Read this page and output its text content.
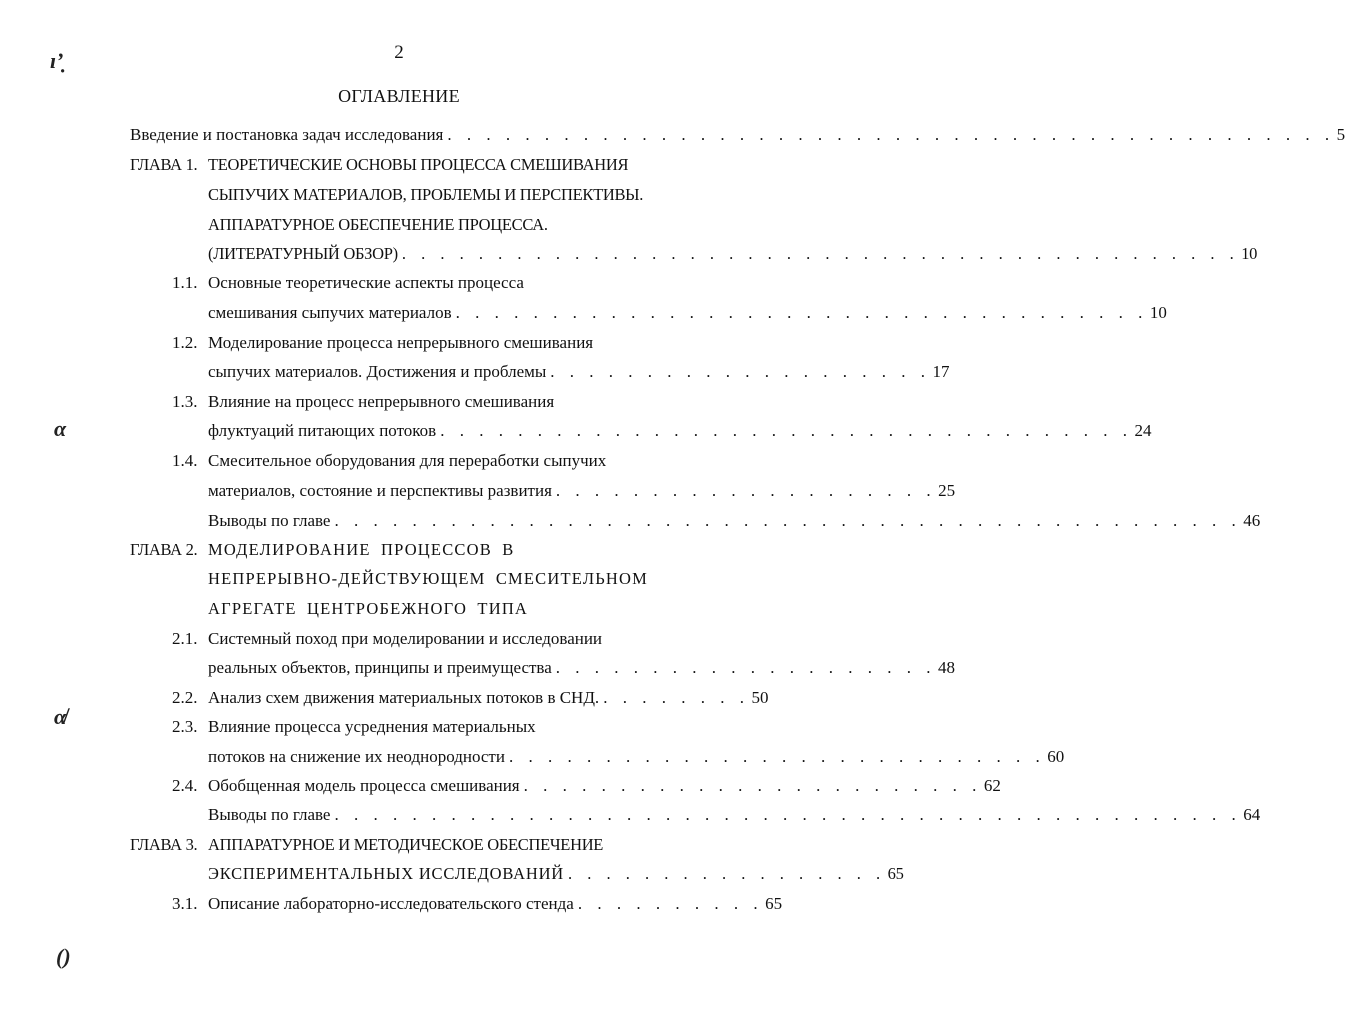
2
ОГЛАВЛЕНИЕ
ı’̣
α
α̸
()
Введение и постановка задач исследования . . . . . . . . . . . . . . . . . . . . . . . . . . . . . . . . . . . . . . . . . . . . . . 5
ГЛАВА 1. ТЕОРЕТИЧЕСКИЕ ОСНОВЫ ПРОЦЕССА СМЕШИВАНИЯ
СЫПУЧИХ МАТЕРИАЛОВ, ПРОБЛЕМЫ И ПЕРСПЕКТИВЫ.
АППАРАТУРНОЕ ОБЕСПЕЧЕНИЕ ПРОЦЕССА.
(ЛИТЕРАТУРНЫЙ ОБЗОР) . . . . . . . . . . . . . . . . . . . . . . . . . . . . . . . . . . . . . . . . . . . . 10
1.1. Основные теоретические аспекты процесса
смешивания сыпучих материалов . . . . . . . . . . . . . . . . . . . . . . . . . . . . . . . . . . . . 10
1.2. Моделирование процесса непрерывного смешивания
сыпучих материалов. Достижения и проблемы . . . . . . . . . . . . . . . . . . . . 17
1.3. Влияние на процесс непрерывного смешивания
флуктуаций питающих потоков . . . . . . . . . . . . . . . . . . . . . . . . . . . . . . . . . . . . 24
1.4. Смесительное оборудования для переработки сыпучих
материалов, состояние и перспективы развития . . . . . . . . . . . . . . . . . . . . 25
Выводы по главе . . . . . . . . . . . . . . . . . . . . . . . . . . . . . . . . . . . . . . . . . . . . . . . 46
ГЛАВА 2. МОДЕЛИРОВАНИЕ ПРОЦЕССОВ В
НЕПРЕРЫВНО-ДЕЙСТВУЮЩЕМ СМЕСИТЕЛЬНОМ
АГРЕГАТЕ ЦЕНТРОБЕЖНОГО ТИПА
2.1. Системный поход при моделировании и исследовании
реальных объектов, принципы и преимущества . . . . . . . . . . . . . . . . . . . . 48
2.2. Анализ схем движения материальных потоков в СНД. . . . . . . . . 50
2.3. Влияние процесса усреднения материальных
потоков на снижение их неоднородности . . . . . . . . . . . . . . . . . . . . . . . . . . . . 60
2.4. Обобщенная модель процесса смешивания . . . . . . . . . . . . . . . . . . . . . . . . 62
Выводы по главе . . . . . . . . . . . . . . . . . . . . . . . . . . . . . . . . . . . . . . . . . . . . . . . 64
ГЛАВА 3. АППАРАТУРНОЕ И МЕТОДИЧЕСКОЕ ОБЕСПЕЧЕНИЕ
ЭКСПЕРИМЕНТАЛЬНЫХ ИССЛЕДОВАНИЙ . . . . . . . . . . . . . . . . . 65
3.1. Описание лабораторно-исследовательского стенда . . . . . . . . . . 65
